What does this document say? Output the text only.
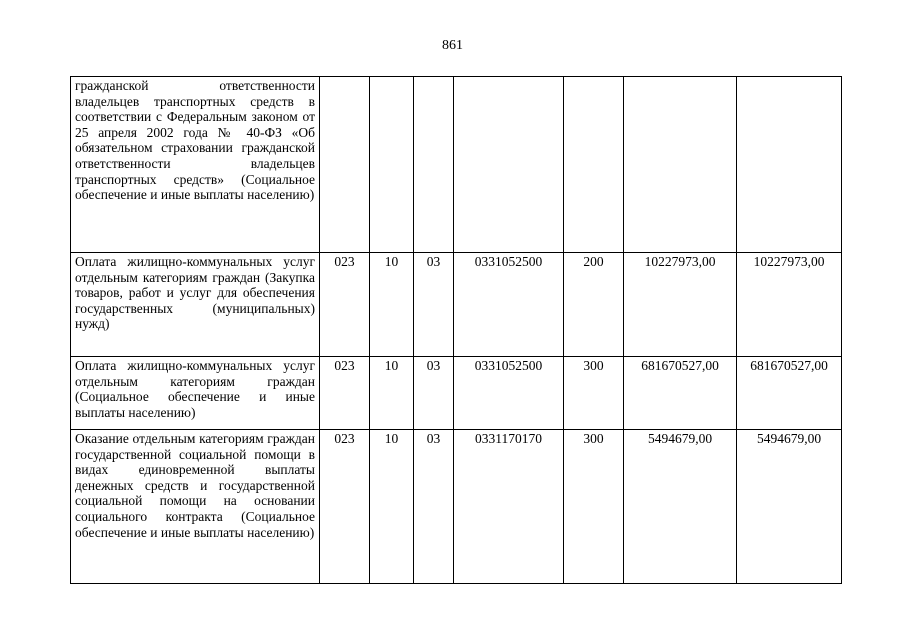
861
гражданской ответственности владельцев транспортных средств в соответствии с Федеральным законом от 25 апреля 2002 года № 40-ФЗ «Об обязательном страховании гражданской ответственности владельцев транспортных средств» (Социальное обеспечение и иные выплаты населению)							
Оплата жилищно-коммунальных услуг отдельным категориям граждан (Закупка товаров, работ и услуг для обеспечения государственных (муниципальных) нужд)	023	10	03	0331052500	200	10227973,00	10227973,00
Оплата жилищно-коммунальных услуг отдельным категориям граждан (Социальное обеспечение и иные выплаты населению)	023	10	03	0331052500	300	681670527,00	681670527,00
Оказание отдельным категориям граждан государственной социальной помощи в видах единовременной выплаты денежных средств и государственной социальной помощи на основании социального контракта (Социальное обеспечение и иные выплаты населению)	023	10	03	0331170170	300	5494679,00	5494679,00
